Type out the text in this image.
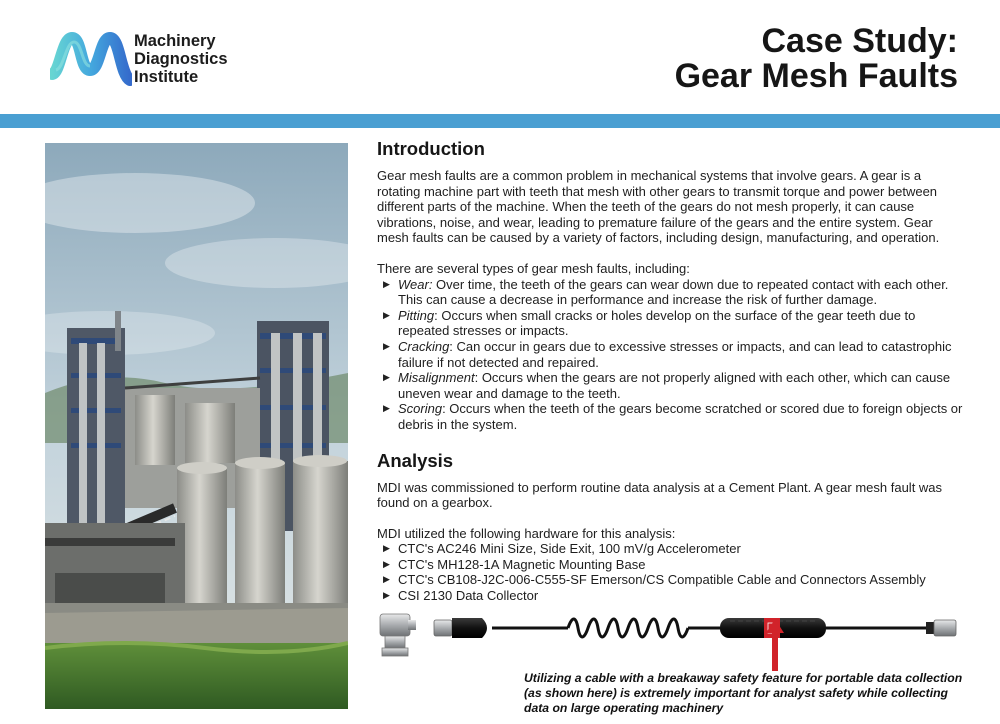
Machinery
Diagnostics
Institute
Case Study:
Gear Mesh Faults
Introduction

Gear mesh faults are a common problem in mechanical systems that involve gears. A gear is a rotating machine part with teeth that mesh with other gears to transmit torque and power between different parts of the machine. When the teeth of the gears do not mesh properly, it can cause vibrations, noise, and wear, leading to premature failure of the gears and the entire system. Gear mesh faults can be caused by a variety of factors, including design, manufacturing, and operation.

There are several types of gear mesh faults, including:

▶ Wear: Over time, the teeth of the gears can wear down due to repeated contact with each other. This can cause a decrease in performance and increase the risk of further damage.
▶ Pitting: Occurs when small cracks or holes develop on the surface of the gear teeth due to repeated stresses or impacts.
▶ Cracking: Can occur in gears due to excessive stresses or impacts, and can lead to catastrophic failure if not detected and repaired.
▶ Misalignment: Occurs when the gears are not properly aligned with each other, which can cause uneven wear and damage to the teeth.
▶ Scoring: Occurs when the teeth of the gears become scratched or scored due to foreign objects or debris in the system.
Analysis

MDI was commissioned to perform routine data analysis at a Cement Plant. A gear mesh fault was found on a gearbox.

MDI utilized the following hardware for this analysis:

▶ CTC's AC246 Mini Size, Side Exit, 100 mV/g Accelerometer
▶ CTC's MH128-1A Magnetic Mounting Base
▶ CTC's CB108-J2C-006-C555-SF Emerson/CS Compatible Cable and Connectors Assembly
▶ CSI 2130 Data Collector
Utilizing a cable with a breakaway safety feature for portable data collection (as shown here) is extremely important for analyst safety while collecting data on large operating machinery
